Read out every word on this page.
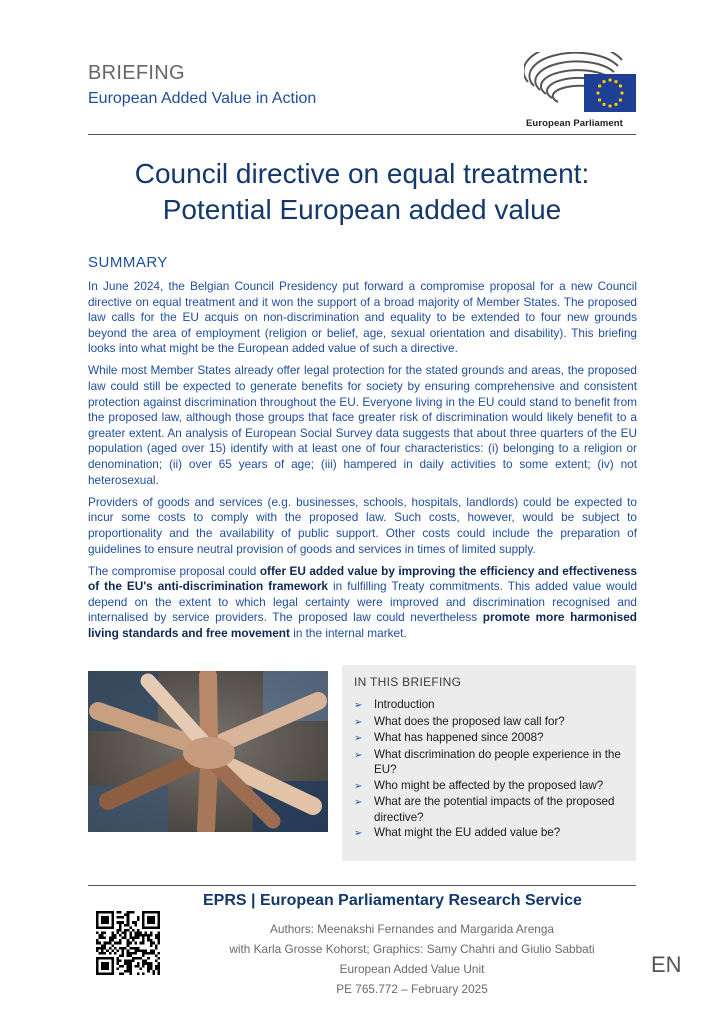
BRIEFING
European Added Value in Action
European Parliament
Council directive on equal treatment:
Potential European added value
SUMMARY

In June 2024, the Belgian Council Presidency put forward a compromise proposal for a new Council directive on equal treatment and it won the support of a broad majority of Member States. The proposed law calls for the EU acquis on non-discrimination and equality to be extended to four new grounds beyond the area of employment (religion or belief, age, sexual orientation and disability). This briefing looks into what might be the European added value of such a directive.

While most Member States already offer legal protection for the stated grounds and areas, the proposed law could still be expected to generate benefits for society by ensuring comprehensive and consistent protection against discrimination throughout the EU. Everyone living in the EU could stand to benefit from the proposed law, although those groups that face greater risk of discrimination would likely benefit to a greater extent. An analysis of European Social Survey data suggests that about three quarters of the EU population (aged over 15) identify with at least one of four characteristics: (i) belonging to a religion or denomination; (ii) over 65 years of age; (iii) hampered in daily activities to some extent; (iv) not heterosexual.

Providers of goods and services (e.g. businesses, schools, hospitals, landlords) could be expected to incur some costs to comply with the proposed law. Such costs, however, would be subject to proportionality and the availability of public support. Other costs could include the preparation of guidelines to ensure neutral provision of goods and services in times of limited supply.

The compromise proposal could offer EU added value by improving the efficiency and effectiveness of the EU's anti-discrimination framework in fulfilling Treaty commitments. This added value would depend on the extent to which legal certainty were improved and discrimination recognised and internalised by service providers. The proposed law could nevertheless promote more harmonised living standards and free movement in the internal market.

IN THIS BRIEFING
➢	Introduction
➢	What does the proposed law call for?
➢	What has happened since 2008?
➢	What discrimination do people experience in the EU?
➢	Who might be affected by the proposed law?
➢	What are the potential impacts of the proposed directive?
➢	What might the EU added value be?
EPRS | European Parliamentary Research Service
Authors: Meenakshi Fernandes and Margarida Arenga
with Karla Grosse Kohorst; Graphics: Samy Chahri and Giulio Sabbati
European Added Value Unit
PE 765.772 – February 2025
EN
